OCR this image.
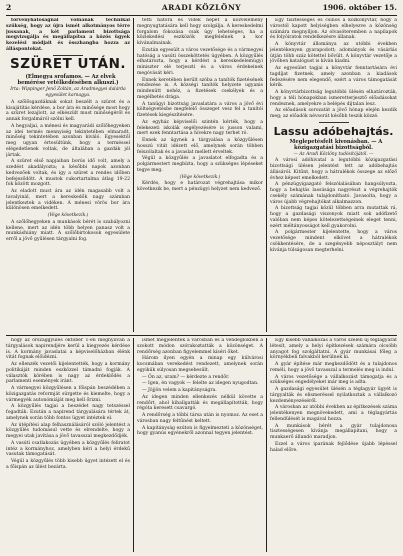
2	ARADI KÖZLÖNY	1906. október 15.

törvényhatóságnál volnának technikai szükség, hogy az újra ismét alkotmányos térre jussanak, a két parlament bizottsága megvizsgálja és megállapítsa a közös ügyek kezelési módjait és összhangba hozza az álláspontokat.

SZÜRET UTÁN.

(Elmegya srofamos. — Az elvek bemérése vetélkedésében alkuszi.)

Irta: Wippinger Jenő Zoltán, az Aradmegyei dalárda egyesület karnagya.

A szőlősgazdáknak sokat beszélt a szüret és a kisajátítás kérdése, a bor ára és minősége most hogy a szüret lezajlott, az elkészült must minőségéről és annak forgalmáról szólni kell.

A hegyaljai, a ménesi és magyarádi szőlőhegyeken az idei termés mennyiség tekintetében elmaradt, minőség tekintetében azonban kiváló. Egyesektől meg ugyan értesültünk, hogy a terméssel elégedetlenek voltak, de általában a gazdák jól jártak.

A szüret első napjaiban borús idő volt, amely a szedést akadályozta; a későbbi napok azonban kedvezőek voltak, és így a szüret a rendes időben befejeződött. A mustok cukortartalma átlag 19-22 fok között mozgott.

Az eladott must ára az idén magasabb volt a tavalyinál, mert a kereskedők nagy számban jelentkeztek a vidéken. A ménesi vörös bor ára különösen emelkedett.

(Vége következik.)

A szőlőhegyeken a munkások bérét is szabályozni kellene, mert az idén több helyen panasz volt a munkáshiány miatt. A szőlőbirtokosok egyesülete erről a jövő gyűlésen tárgyalni fog.

tetti hatóra és vidék népét a közvélemény megnyugtatására kell hogy szolgálja. A kereskedelmi forgalom fokozása csak úgy lehetséges, ha a közlekedési eszközök megfelelnek a kor kívánalmainak.

Ezután egyesült a város vezetősége és a vármegyei hatóság a vasúti összeköttetés ügyében. A közgyűlés elhatározta, hogy a kérdést a kereskedelemügyi miniszter elé terjeszti és a város érdekeinek megóvását kéri.

Ennek keretében került szóba a tanítók fizetésének rendezése is. A községi tanítók helyzete ugyanis mindenütt nehéz, a fizetések csekélyek és a megélhetés drága.

A tanügyi bizottság javaslatára a város a jövő évi költségvetésbe megfelelő összeget vesz fel a tanítói fizetések kiegészítésére.

Az egyház képviselői szintén kérték, hogy a felekezeti iskolák segélyezésére is jusson valami, mert ezek fenntartása a hívekre nagy terhet ró.

Ennek az ügynek a tárgyalása a közgyűlésen hosszú vitát idézett elő, amelynek során többen felszólaltak és a javaslat mellett érveltek.

Végül a közgyűlés a javaslatot elfogadta és a polgármestert megbízta, hogy a szükséges lépéseket tegye meg.

(Vége következik.)

Kérdés, hogy e határozat végrehajtása mikor következik be, mert a pénzügyi helyzet nem kedvező.

Egy tisztességes és csinos a közkönyvtár, hogy a várostól kapott helyiségben elhelyezve a közönség számára megnyíljon. Az olvasóteremben a napilapok és folyóiratok rendelkezésre állanak.

A könyvtár állománya az utóbbi években jelentékenyen gyarapodott; adományok és vásárlás útján több száz kötettel bővült. A könyvtár vezetője a jövőben katalógust is kíván kiadni.

Az egyesület tagjai a könyvtár fenntartására évi tagdíjat fizetnek, amely azonban a kiadások fedezésére nem elegendő, ezért a város támogatását kérik.

A könyvtárbizottság legutóbbi ülésén elhatározták, hogy a téli hónapokban ismeretterjesztő előadásokat rendeznek, amelyekre a belépés díjtalan lesz.

Az előadások sorozatát a jövő hónap elején kezdik meg; az előadók névsorát később teszik közzé.

Lassu adóbehajtás.

Meglepetésfelt kivonásban. — A közigazgatási bizottságból.

— Az Aradi Közlöny tudósítójától. —

A városi adóhivatal a legutóbbi közigazgatási bizottsági ülésen jelentést tett az adóbehajtás állásáról. Kitűnt, hogy a hátralékok összege az előző évhez képest emelkedett.

A pénzügyigazgató felszólalásában hangsúlyozta, hogy a behajtás lassúsága nagyrészt a végrehajtók csekély számának tulajdonítható. Javasolta, hogy a város újabb végrehajtókat alkalmazzon.

A bizottság tagjai közül többen arra mutattak rá, hogy a gazdasági viszonyok miatt sok adófizető valóban nem képes kötelezettségeinek eleget tenni, ezért méltányosságot kell gyakorolni.

A polgármester kijelentette, hogy a város vezetősége mindent elkövet a hátralékok csökkentésére, de a szegényebb néposztályt nem kívánja túlságosan megterhelni.

hogy az országgyűlés október 1-én megnyílván a tárgyalások napirendjére kerül a kiegyezés kérdése is. A kormány javaslatai a képviselőházban élénk vitát fognak előidézni.

Az ellenzék vezetői kijelentették, hogy a kormány politikáját minden eszközzel támadni fogják. A választók körében is nagy az érdeklődés a parlamenti események iránt.

A vármegyei közgyűlésen a főispán beszédében a közigazgatás reformját sürgette és kiemelte, hogy a vármegyék autonómiáját meg kell őrizni.

A közgyűlés tagjai a beszédet nagy tetszéssel fogadták. Ezután a napirend tárgyalására tértek át, amelynek során több fontos ügyet intéztek el.

Az útépítési alap felhasználásáról szóló jelentést a közgyűlés tudomásul vette és elrendelte, hogy a megyei utak javítása a jövő tavasszal megkezdődjék.

A vasúti csatlakozás ügyében a közgyűlés feliratot intéz a kormányhoz, amelyben kéri a helyi érdekű vasutak támogatását.

Végül a közgyűlés több kisebb ügyet intézett el és a főispán az ülést bezárta.

ismét megjelentek a városban és a vendéglőkben a szokott módon szórakoztatták a közönséget. A rendőrség azonban figyelemmel kíséri őket.

Három ilyen egyén a minap egy külvárosi kocsmában verekedést rendezett, amelynek során egyikük súlyosan megsebesült.

— Ön az, uram? — kérdezte a rendőr.

— Igen, én vagyok — felelte az idegen nyugodtan.

— Jöjjön velem a kapitányságra.

Az idegen minden ellenkezés nélkül követte a rendőrt, ahol kihallgatták és megállapították, hogy régóta keresett csavargó.

A rendőrség a többi társa után is nyomoz. Az eset a városban nagy feltűnést keltett.

A kapitányság ezúton is figyelmezteti a közönséget, hogy gyanús egyénekről azonnal tegyen jelentést.

Egy kisebb vállalkozás a város szélén új téglagyárat létesít, amely a helyi építkezések számára olcsóbb anyagot fog szolgáltatni. A gyár munkásai főleg a környékbeli falvakból kerülnek ki.

A gyár építése már megkezdődött és a tulajdonos reméli, hogy a jövő tavasszal a termelés meg is indul.

A város vezetősége a vállalkozást támogatja és a szükséges engedélyeket már meg is adta.

A gazdasági egyesület ülésén a téglagyár ügyét is tárgyalták és elismeréssel nyilatkoztak a vállalkozó kezdeményezéséről.

A városban az utóbbi években az építkezések száma jelentékenyen megnövekedett, ami a téglagyártás fellendülését is magával hozza.

A munkások bérét a gyár tulajdonosa tisztességesen kívánja megállapítani, hogy a munkaerő állandó maradjon.

Ezzel a város iparának fejlődése újabb lépéssel halad előre.
